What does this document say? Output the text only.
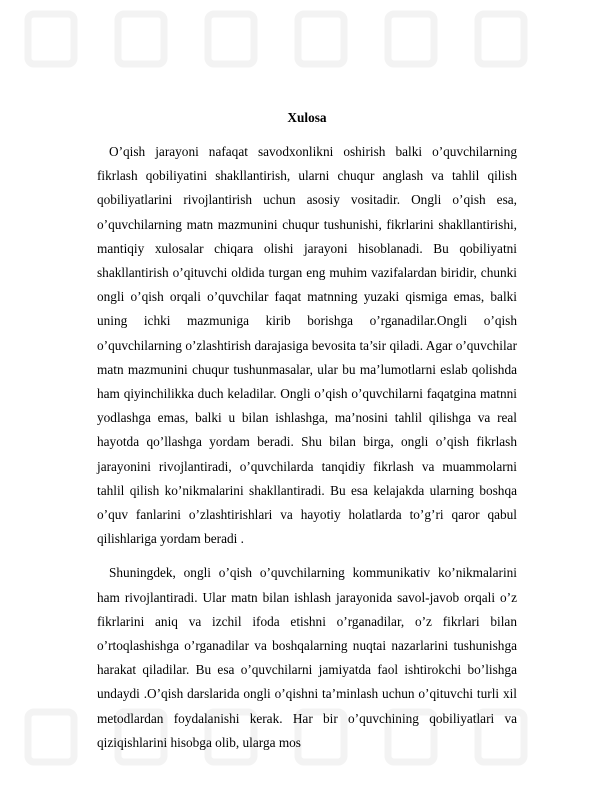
Xulosa

O’qish jarayoni nafaqat savodxonlikni oshirish balki o’quvchilarning fikrlash qobiliyatini shakllantirish, ularni chuqur anglash va tahlil qilish qobiliyatlarini rivojlantirish uchun asosiy vositadir. Ongli o’qish esa, o’quvchilarning matn mazmunini chuqur tushunishi, fikrlarini shakllantirishi, mantiqiy xulosalar chiqara olishi jarayoni hisoblanadi. Bu qobiliyatni shakllantirish o’qituvchi oldida turgan eng muhim vazifalardan biridir, chunki ongli o’qish orqali o’quvchilar faqat matnning yuzaki qismiga emas, balki uning ichki mazmuniga kirib borishga o’rganadilar.Ongli o’qish o’quvchilarning o’zlashtirish darajasiga bevosita ta’sir qiladi. Agar o’quvchilar matn mazmunini chuqur tushunmasalar, ular bu ma’lumotlarni eslab qolishda ham qiyinchilikka duch keladilar. Ongli o’qish o’quvchilarni faqatgina matnni yodlashga emas, balki u bilan ishlashga, ma’nosini tahlil qilishga va real hayotda qo’llashga yordam beradi. Shu bilan birga, ongli o’qish fikrlash jarayonini rivojlantiradi, o’quvchilarda tanqidiy fikrlash va muammolarni tahlil qilish ko’nikmalarini shakllantiradi. Bu esa kelajakda ularning boshqa o’quv fanlarini o’zlashtirishlari va hayotiy holatlarda to’g’ri qaror qabul qilishlariga yordam beradi .

Shuningdek, ongli o’qish o’quvchilarning kommunikativ ko’nikmalarini ham rivojlantiradi. Ular matn bilan ishlash jarayonida savol-javob orqali o’z fikrlarini aniq va izchil ifoda etishni o’rganadilar, o’z fikrlari bilan o’rtoqlashishga o’rganadilar va boshqalarning nuqtai nazarlarini tushunishga harakat qiladilar. Bu esa o’quvchilarni jamiyatda faol ishtirokchi bo’lishga undaydi .O’qish darslarida ongli o’qishni ta’minlash uchun o’qituvchi turli xil metodlardan foydalanishi kerak. Har bir o’quvchining qobiliyatlari va qiziqishlarini hisobga olib, ularga mos
